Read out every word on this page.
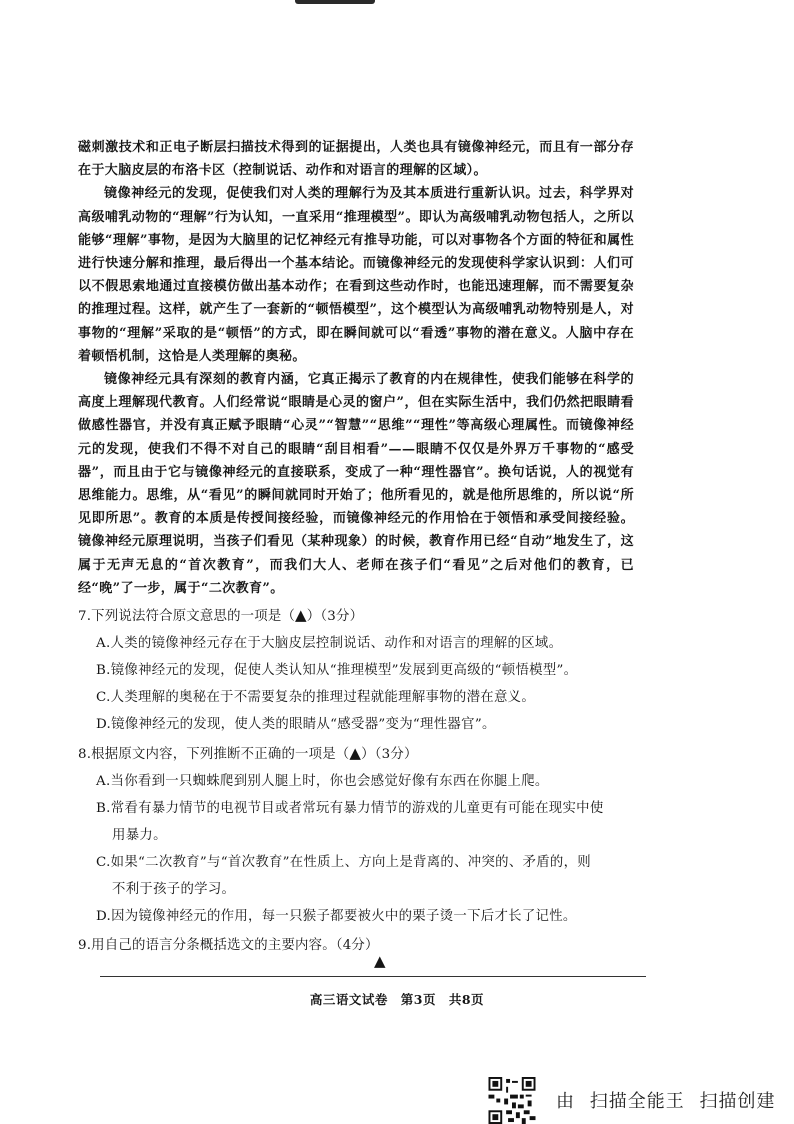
磁刺激技术和正电子断层扫描技术得到的证据提出，人类也具有镜像神经元，而且有一部分存在于大脑皮层的布洛卡区（控制说话、动作和对语言的理解的区域）。

镜像神经元的发现，促使我们对人类的理解行为及其本质进行重新认识。过去，科学界对高级哺乳动物的“理解”行为认知，一直采用“推理模型”。即认为高级哺乳动物包括人，之所以能够“理解”事物，是因为大脑里的记忆神经元有推导功能，可以对事物各个方面的特征和属性进行快速分解和推理，最后得出一个基本结论。而镜像神经元的发现使科学家认识到：人们可以不假思索地通过直接模仿做出基本动作；在看到这些动作时，也能迅速理解，而不需要复杂的推理过程。这样，就产生了一套新的“顿悟模型”，这个模型认为高级哺乳动物特别是人，对事物的“理解”采取的是“顿悟”的方式，即在瞬间就可以“看透”事物的潜在意义。人脑中存在着顿悟机制，这恰是人类理解的奥秘。

镜像神经元具有深刻的教育内涵，它真正揭示了教育的内在规律性，使我们能够在科学的高度上理解现代教育。人们经常说“眼睛是心灵的窗户”，但在实际生活中，我们仍然把眼睛看做感性器官，并没有真正赋予眼睛“心灵”“智慧”“思维”“理性”等高级心理属性。而镜像神经元的发现，使我们不得不对自己的眼睛“刮目相看”——眼睛不仅仅是外界万千事物的“感受器”，而且由于它与镜像神经元的直接联系，变成了一种“理性器官”。换句话说，人的视觉有思维能力。思维，从“看见”的瞬间就同时开始了；他所看见的，就是他所思维的，所以说“所见即所思”。教育的本质是传授间接经验，而镜像神经元的作用恰在于领悟和承受间接经验。镜像神经元原理说明，当孩子们看见（某种现象）的时候，教育作用已经“自动”地发生了，这属于无声无息的“首次教育”，而我们大人、老师在孩子们“看见”之后对他们的教育，已经“晚”了一步，属于“二次教育”。

7.下列说法符合原文意思的一项是（▲）（3分）

A.人类的镜像神经元存在于大脑皮层控制说话、动作和对语言的理解的区域。

B.镜像神经元的发现，促使人类认知从“推理模型”发展到更高级的“顿悟模型”。

C.人类理解的奥秘在于不需要复杂的推理过程就能理解事物的潜在意义。

D.镜像神经元的发现，使人类的眼睛从“感受器”变为“理性器官”。

8.根据原文内容，下列推断不正确的一项是（▲）（3分）

A.当你看到一只蜘蛛爬到别人腿上时，你也会感觉好像有东西在你腿上爬。

B.常看有暴力情节的电视节目或者常玩有暴力情节的游戏的儿童更有可能在现实中使
用暴力。

C.如果“二次教育”与“首次教育”在性质上、方向上是背离的、冲突的、矛盾的，则
不利于孩子的学习。

D.因为镜像神经元的作用，每一只猴子都要被火中的栗子烫一下后才长了记性。

9.用自己的语言分条概括选文的主要内容。（4分）

▲
高三语文试卷 第3页 共8页
由 扫描全能王 扫描创建
